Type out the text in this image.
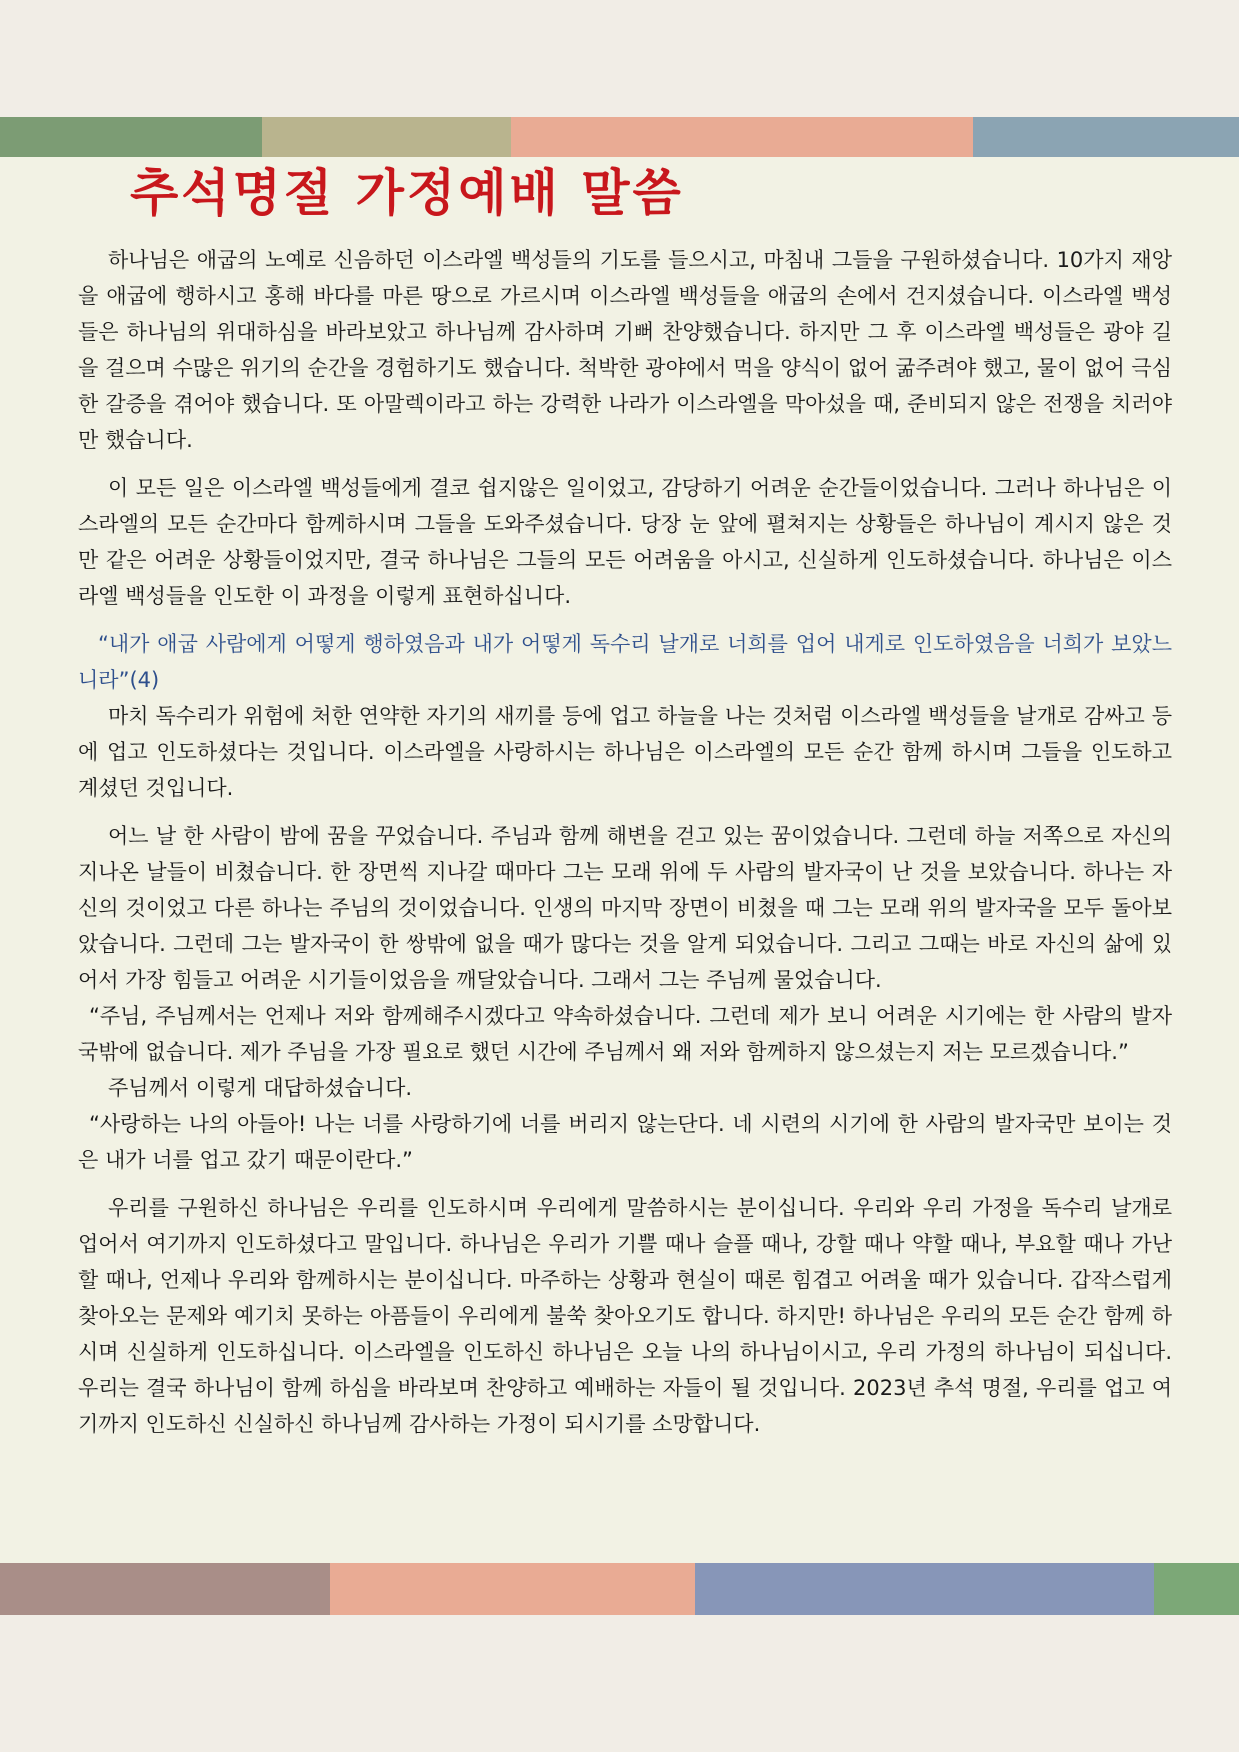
추석명절 가정예배 말씀

하나님은 애굽의 노예로 신음하던 이스라엘 백성들의 기도를 들으시고, 마침내 그들을 구원하셨습니다. 10가지 재앙을 애굽에 행하시고 홍해 바다를 마른 땅으로 가르시며 이스라엘 백성들을 애굽의 손에서 건지셨습니다. 이스라엘 백성들은 하나님의 위대하심을 바라보았고 하나님께 감사하며 기뻐 찬양했습니다. 하지만 그 후 이스라엘 백성들은 광야 길을 걸으며 수많은 위기의 순간을 경험하기도 했습니다. 척박한 광야에서 먹을 양식이 없어 굶주려야 했고, 물이 없어 극심한 갈증을 겪어야 했습니다. 또 아말렉이라고 하는 강력한 나라가 이스라엘을 막아섰을 때, 준비되지 않은 전쟁을 치러야만 했습니다.

이 모든 일은 이스라엘 백성들에게 결코 쉽지않은 일이었고, 감당하기 어려운 순간들이었습니다. 그러나 하나님은 이스라엘의 모든 순간마다 함께하시며 그들을 도와주셨습니다. 당장 눈 앞에 펼쳐지는 상황들은 하나님이 계시지 않은 것만 같은 어려운 상황들이었지만, 결국 하나님은 그들의 모든 어려움을 아시고, 신실하게 인도하셨습니다. 하나님은 이스라엘 백성들을 인도한 이 과정을 이렇게 표현하십니다.

“내가 애굽 사람에게 어떻게 행하였음과 내가 어떻게 독수리 날개로 너희를 업어 내게로 인도하였음을 너희가 보았느니라”(4)

마치 독수리가 위험에 처한 연약한 자기의 새끼를 등에 업고 하늘을 나는 것처럼 이스라엘 백성들을 날개로 감싸고 등에 업고 인도하셨다는 것입니다. 이스라엘을 사랑하시는 하나님은 이스라엘의 모든 순간 함께 하시며 그들을 인도하고 계셨던 것입니다.

어느 날 한 사람이 밤에 꿈을 꾸었습니다. 주님과 함께 해변을 걷고 있는 꿈이었습니다. 그런데 하늘 저쪽으로 자신의 지나온 날들이 비쳤습니다. 한 장면씩 지나갈 때마다 그는 모래 위에 두 사람의 발자국이 난 것을 보았습니다. 하나는 자신의 것이었고 다른 하나는 주님의 것이었습니다. 인생의 마지막 장면이 비쳤을 때 그는 모래 위의 발자국을 모두 돌아보았습니다. 그런데 그는 발자국이 한 쌍밖에 없을 때가 많다는 것을 알게 되었습니다. 그리고 그때는 바로 자신의 삶에 있어서 가장 힘들고 어려운 시기들이었음을 깨달았습니다. 그래서 그는 주님께 물었습니다.

“주님, 주님께서는 언제나 저와 함께해주시겠다고 약속하셨습니다. 그런데 제가 보니 어려운 시기에는 한 사람의 발자국밖에 없습니다. 제가 주님을 가장 필요로 했던 시간에 주님께서 왜 저와 함께하지 않으셨는지 저는 모르겠습니다.”

주님께서 이렇게 대답하셨습니다.

“사랑하는 나의 아들아! 나는 너를 사랑하기에 너를 버리지 않는단다. 네 시련의 시기에 한 사람의 발자국만 보이는 것은 내가 너를 업고 갔기 때문이란다.”

우리를 구원하신 하나님은 우리를 인도하시며 우리에게 말씀하시는 분이십니다. 우리와 우리 가정을 독수리 날개로 업어서 여기까지 인도하셨다고 말입니다. 하나님은 우리가 기쁠 때나 슬플 때나, 강할 때나 약할 때나, 부요할 때나 가난할 때나, 언제나 우리와 함께하시는 분이십니다. 마주하는 상황과 현실이 때론 힘겹고 어려울 때가 있습니다. 갑작스럽게 찾아오는 문제와 예기치 못하는 아픔들이 우리에게 불쑥 찾아오기도 합니다. 하지만! 하나님은 우리의 모든 순간 함께 하시며 신실하게 인도하십니다. 이스라엘을 인도하신 하나님은 오늘 나의 하나님이시고, 우리 가정의 하나님이 되십니다. 우리는 결국 하나님이 함께 하심을 바라보며 찬양하고 예배하는 자들이 될 것입니다. 2023년 추석 명절, 우리를 업고 여기까지 인도하신 신실하신 하나님께 감사하는 가정이 되시기를 소망합니다.
